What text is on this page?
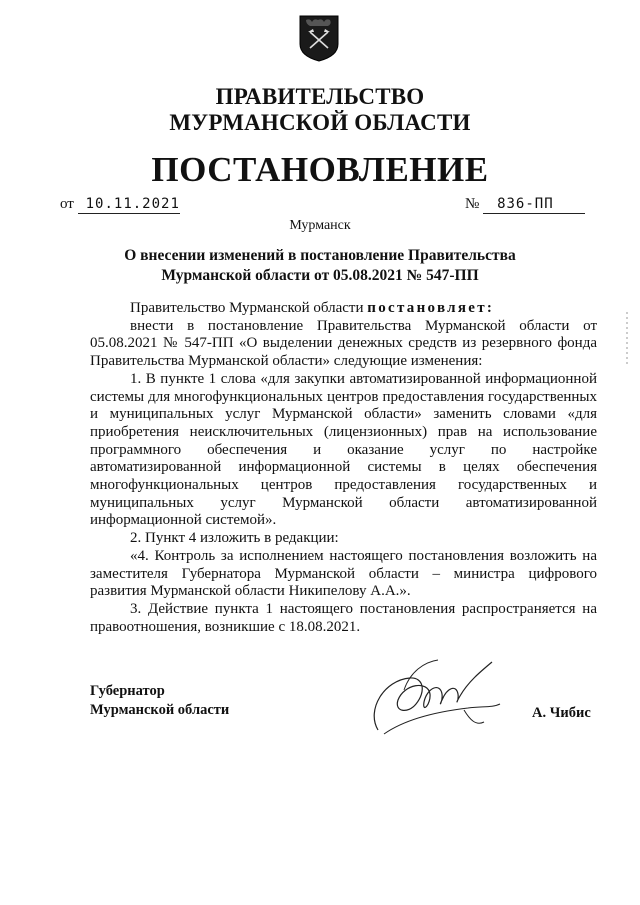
ПРАВИТЕЛЬСТВО
МУРМАНСКОЙ ОБЛАСТИ
ПОСТАНОВЛЕНИЕ
от 10.11.2021	№ 836-ПП
Мурманск
О внесении изменений в постановление Правительства
Мурманской области от 05.08.2021 № 547-ПП

Правительство Мурманской области постановляет:

внести в постановление Правительства Мурманской области от 05.08.2021 № 547-ПП «О выделении денежных средств из резервного фонда Правительства Мурманской области» следующие изменения:

1. В пункте 1 слова «для закупки автоматизированной информационной системы для многофункциональных центров предоставления государственных и муниципальных услуг Мурманской области» заменить словами «для приобретения неисключительных (лицензионных) прав на использование программного обеспечения и оказание услуг по настройке автоматизированной информационной системы в целях обеспечения многофункциональных центров предоставления государственных и муниципальных услуг Мурманской области автоматизированной информационной системой».

2. Пункт 4 изложить в редакции:

«4. Контроль за исполнением настоящего постановления возложить на заместителя Губернатора Мурманской области – министра цифрового развития Мурманской области Никипелову А.А.».

3. Действие пункта 1 настоящего постановления распространяется на правоотношения, возникшие с 18.08.2021.

Губернатор
Мурманской области	А. Чибис
